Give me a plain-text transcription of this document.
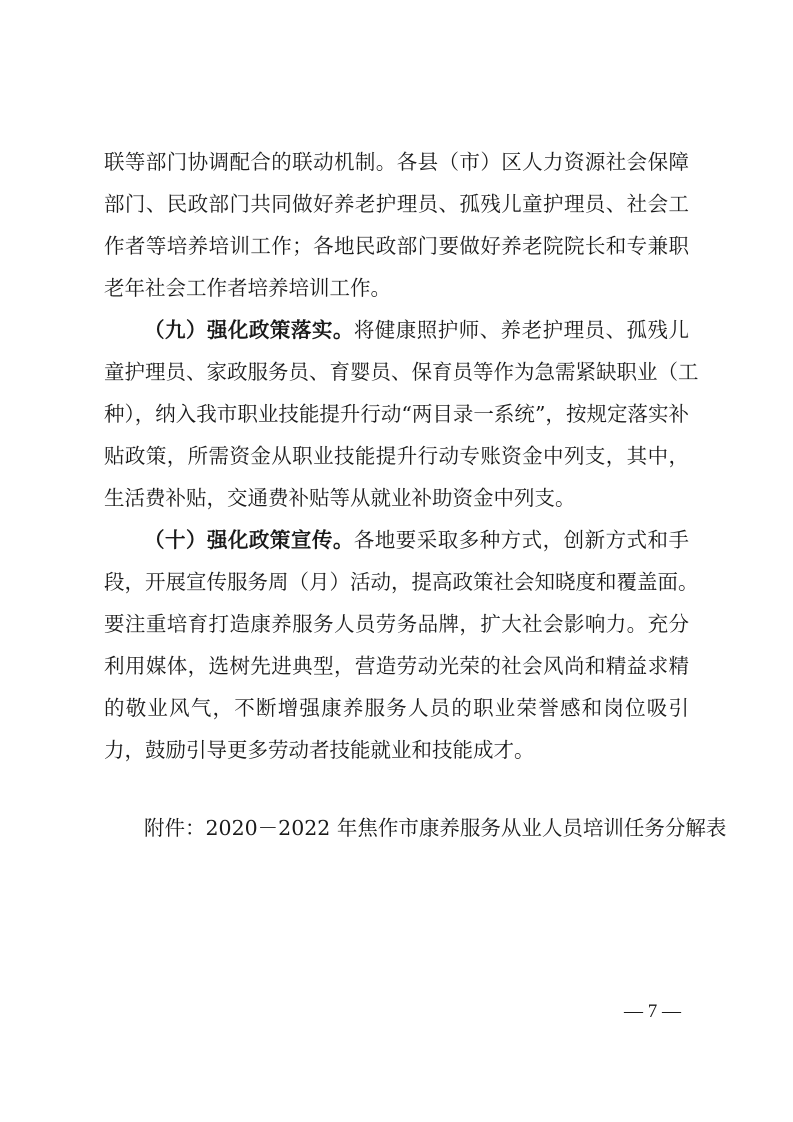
联等部门协调配合的联动机制。各县（市）区人力资源社会保障
部门、民政部门共同做好养老护理员、孤残儿童护理员、社会工
作者等培养培训工作；各地民政部门要做好养老院院长和专兼职
老年社会工作者培养培训工作。
（九）强化政策落实。将健康照护师、养老护理员、孤残儿
童护理员、家政服务员、育婴员、保育员等作为急需紧缺职业（工
种），纳入我市职业技能提升行动“两目录一系统”，按规定落实补
贴政策，所需资金从职业技能提升行动专账资金中列支，其中，
生活费补贴，交通费补贴等从就业补助资金中列支。
（十）强化政策宣传。各地要采取多种方式，创新方式和手
段，开展宣传服务周（月）活动，提高政策社会知晓度和覆盖面。
要注重培育打造康养服务人员劳务品牌，扩大社会影响力。充分
利用媒体，选树先进典型，营造劳动光荣的社会风尚和精益求精
的敬业风气，不断增强康养服务人员的职业荣誉感和岗位吸引
力，鼓励引导更多劳动者技能就业和技能成才。
附件：2020－2022 年焦作市康养服务从业人员培训任务分解表
— 7 —
